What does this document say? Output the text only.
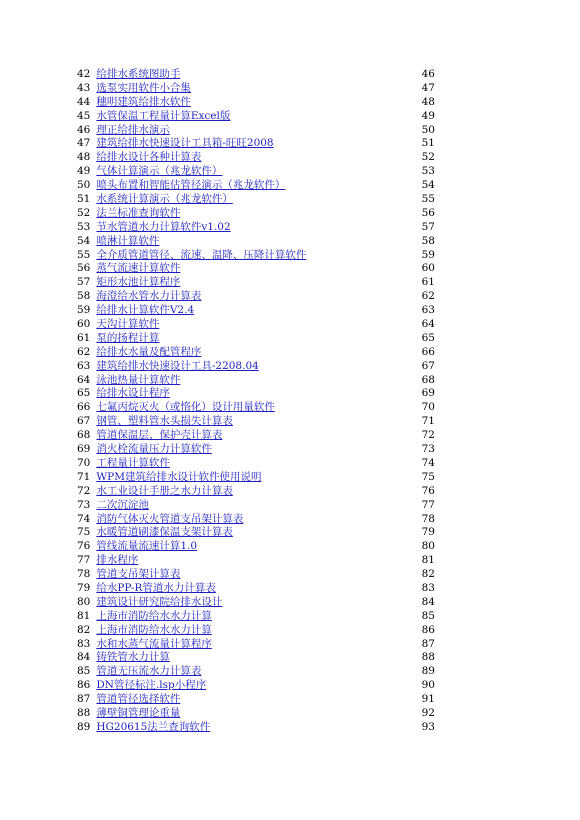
42 给排水系统图助手	46
43 选泵实用软件小合集	47
44 穗明建筑给排水软件	48
45 水管保温工程量计算Excel版	49
46 理正给排水演示	50
47 建筑给排水快速设计工具箱-旺旺2008	51
48 给排水设计各种计算表	52
49 气体计算演示（兆龙软件）	53
50 喷头布置和智能估管径演示（兆龙软件）	54
51 水系统计算演示（兆龙软件）	55
52 法兰标准查询软件	56
53 节水管道水力计算软件v1.02	57
54 喷淋计算软件	58
55 全介质管道管径、流速、温降、压降计算软件	59
56 蒸气流速计算软件	60
57 矩形水池计算程序	61
58 海澄给水管水力计算表	62
59 给排水计算软件V2.4	63
60 天沟计算软件	64
61 泵的扬程计算	65
62 给排水水量及配管程序	66
63 建筑给排水快速设计工具-2208.04	67
64 泳池热量计算软件	68
65 给排水设计程序	69
66 七氟丙烷灭火（或惰化）设计用量软件	70
67 钢管、塑料管水头损失计算表	71
68 管道保温层、保护壳计算表	72
69 消火栓流量压力计算软件	73
70 工程量计算软件	74
71 WPM建筑给排水设计软件使用说明	75
72 水工业设计手册之水力计算表	76
73 二次沉淀池	77
74 消防气体灭火管道支吊架计算表	78
75 水暖管道刷漆保温支架计算表	79
76 管线流量流速计算1.0	80
77 排水程序	81
78 管道支吊架计算表	82
79 给水PP-R管道水力计算表	83
80 建筑设计研究院给排水设计	84
81 上海市消防给水水力计算	85
82 上海市消防给水水力计算	86
83 水和水蒸气流量计算程序	87
84 铸铁管水力计算	88
85 管道无压流水力计算表	89
86 DN管径标注.lsp小程序	90
87 管道管径选择软件	91
88 薄壁铜管理论重量	92
89 HG20615法兰查询软件	93
